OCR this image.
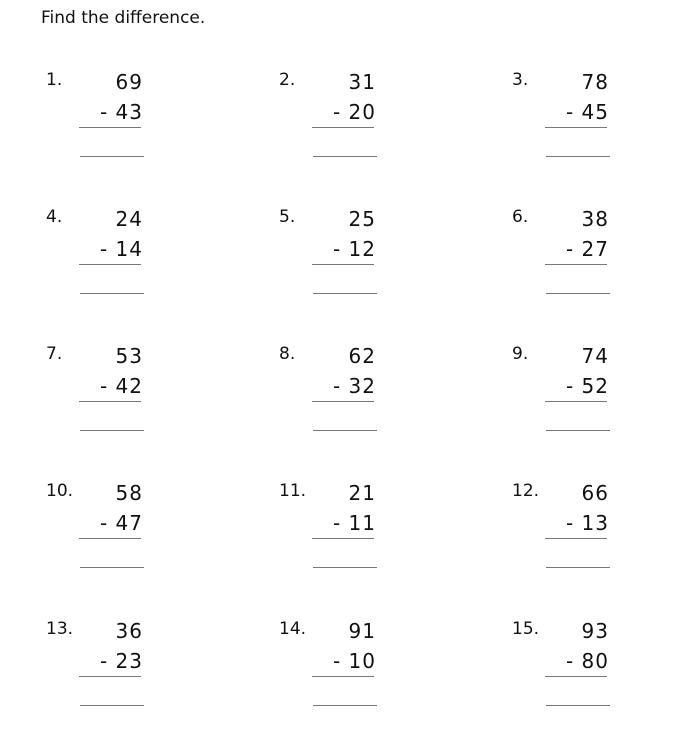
Find the difference.
1.	69
- 43
2.	31
- 20
3.	78
- 45
4.	24
- 14
5.	25
- 12
6.	38
- 27
7.	53
- 42
8.	62
- 32
9.	74
- 52
10.	58
- 47
11.	21
- 11
12.	66
- 13
13.	36
- 23
14.	91
- 10
15.	93
- 80
